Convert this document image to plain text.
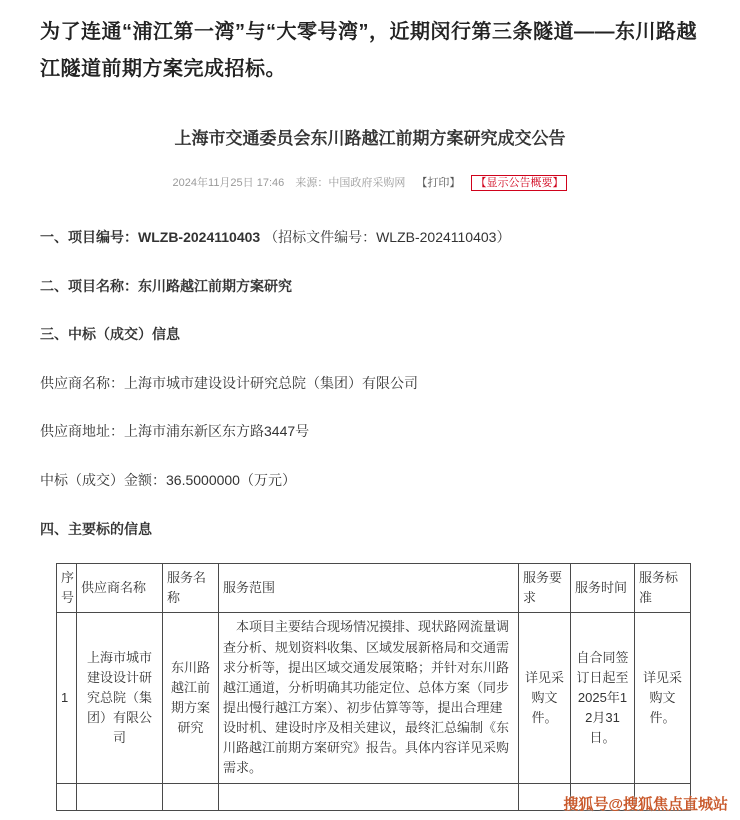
为了连通“浦江第一湾”与“大零号湾”，近期闵行第三条隧道——东川路越江隧道前期方案完成招标。

上海市交通委员会东川路越江前期方案研究成交公告
2024年11月25日 17:46 来源：中国政府采购网 【打印】 【显示公告概要】

一、项目编号：WLZB-2024110403 （招标文件编号：WLZB-2024110403）

二、项目名称：东川路越江前期方案研究

三、中标（成交）信息

供应商名称：上海市城市建设设计研究总院（集团）有限公司

供应商地址：上海市浦东新区东方路3447号

中标（成交）金额：36.5000000（万元）

四、主要标的信息

序号	供应商名称	服务名称	服务范围	服务要求	服务时间	服务标准
1	上海市城市建设设计研究总院（集团）有限公司	东川路越江前期方案研究	本项目主要结合现场情况摸排、现状路网流量调查分析、规划资料收集、区域发展新格局和交通需求分析等，提出区域交通发展策略；并针对东川路越江通道，分析明确其功能定位、总体方案（同步提出慢行越江方案）、初步估算等等，提出合理建设时机、建设时序及相关建议，最终汇总编制《东川路越江前期方案研究》报告。具体内容详见采购需求。	详见采购文件。	自合同签订日起至2025年12月31日。	详见采购文件。

搜狐号@搜狐焦点直城站
